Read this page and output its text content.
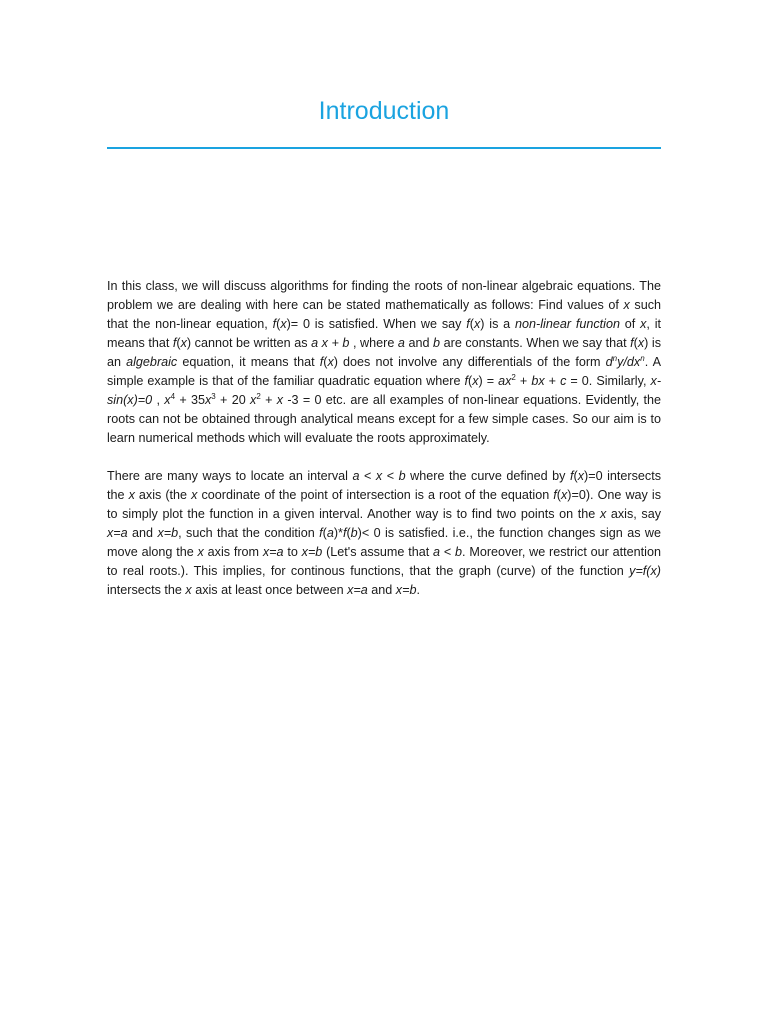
Introduction

In this class, we will discuss algorithms for finding the roots of non-linear algebraic equations. The problem we are dealing with here can be stated mathematically as follows: Find values of x such that the non-linear equation, f(x)= 0 is satisfied. When we say f(x) is a non-linear function of x, it means that f(x) cannot be written as a x + b , where a and b are constants. When we say that f(x) is an algebraic equation, it means that f(x) does not involve any differentials of the form $d^ny/dx^n$. A simple example is that of the familiar quadratic equation where $f(x) = ax^2$ + bx + c = 0. Similarly, x-sin(x)=0 , $x^4 + 35x^3 + 20$ $x^2 + x$ -3 = 0 etc. are all examples of non-linear equations. Evidently, the roots can not be obtained through analytical means except for a few simple cases. So our aim is to learn numerical methods which will evaluate the roots approximately.

There are many ways to locate an interval a < x < b where the curve defined by f(x)=0 intersects the x axis (the x coordinate of the point of intersection is a root of the equation f(x)=0). One way is to simply plot the function in a given interval. Another way is to find two points on the x axis, say x=a and x=b, such that the condition f(a)*f(b)< 0 is satisfied. i.e., the function changes sign as we move along the x axis from x=a to x=b (Let's assume that a < b. Moreover, we restrict our attention to real roots.). This implies, for continous functions, that the graph (curve) of the function y=f(x) intersects the x axis at least once between x=a and x=b.
